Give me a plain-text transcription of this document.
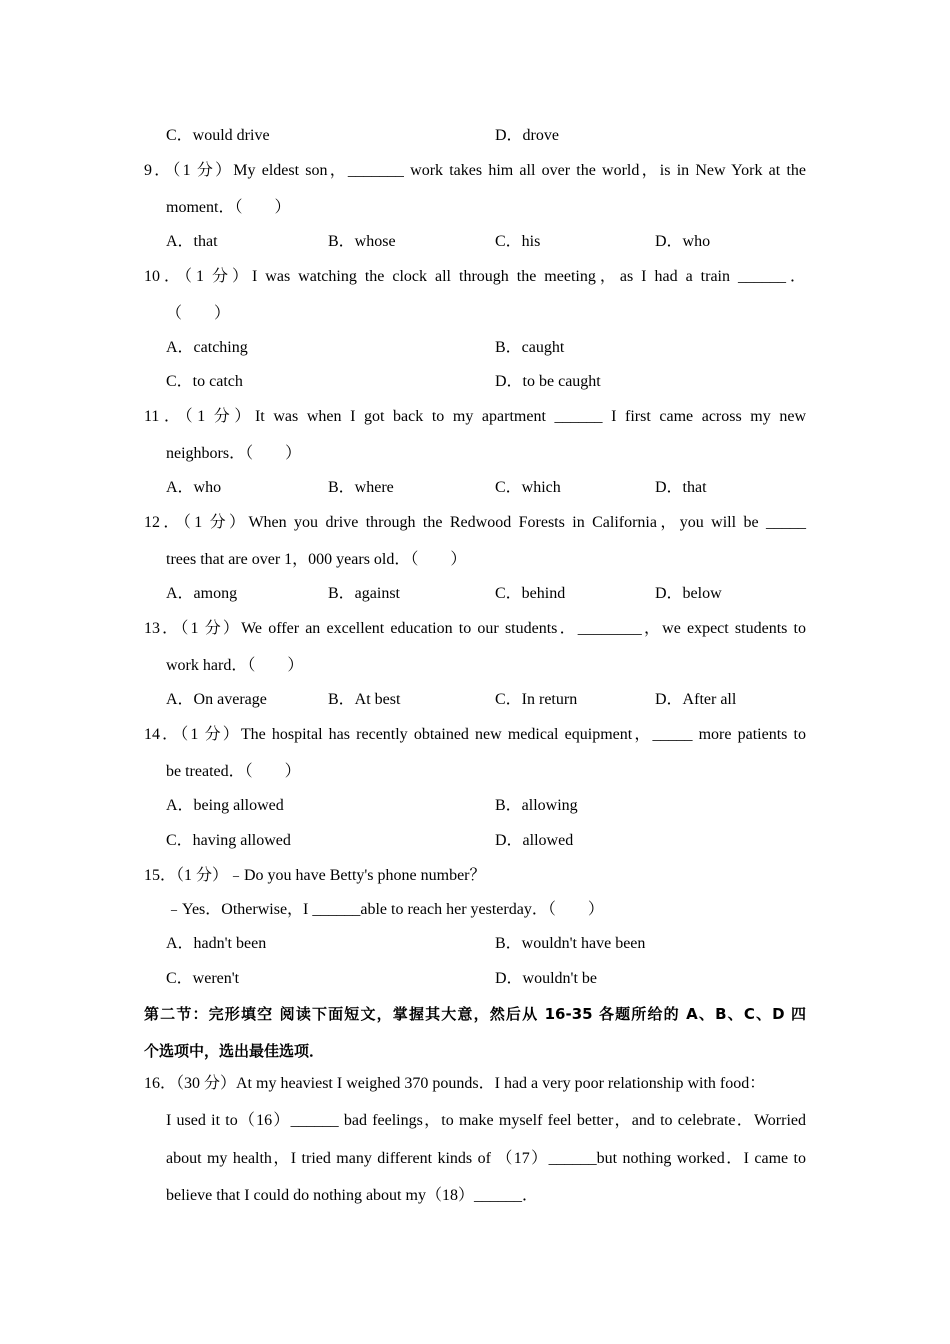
C．would drive	D．drove
9．（1 分）My eldest son，_______ work takes him all over the world，is in New York at the
moment．（　　）
A．that	B．whose	C．his	D．who
10．（1 分）I was watching the clock all through the meeting，as I had a train ______．
（　　）
A．catching	B．caught
C．to catch	D．to be caught
11．（1 分）It was when I got back to my apartment ______ I first came across my new
neighbors．（　　）
A．who	B．where	C．which	D．that
12．（1 分）When you drive through the Redwood Forests in California，you will be _____
trees that are over 1，000 years old．（　　）
A．among	B．against	C．behind	D．below
13．（1 分）We offer an excellent education to our students．________，we expect students to
work hard．（　　）
A．On average	B．At best	C．In return	D．After all
14．（1 分）The hospital has recently obtained new medical equipment，_____ more patients to
be treated．（　　）
A．being allowed	B．allowing
C．having allowed	D．allowed
15．（1 分）﹣Do you have Betty's phone number？
﹣Yes．Otherwise，I ______able to reach her yesterday．（　　）
A．hadn't been	B．wouldn't have been
C．weren't	D．wouldn't be
第二节：完形填空 阅读下面短文，掌握其大意，然后从 16-35 各题所给的 A、B、C、D 四
个选项中，选出最佳选项．
16．（30 分）At my heaviest I weighed 370 pounds．I had a very poor relationship with food：
I used it to（16）______ bad feelings，to make myself feel better，and to celebrate．Worried
about my health，I tried many different kinds of （17）______but nothing worked．I came to
believe that I could do nothing about my（18）______．
